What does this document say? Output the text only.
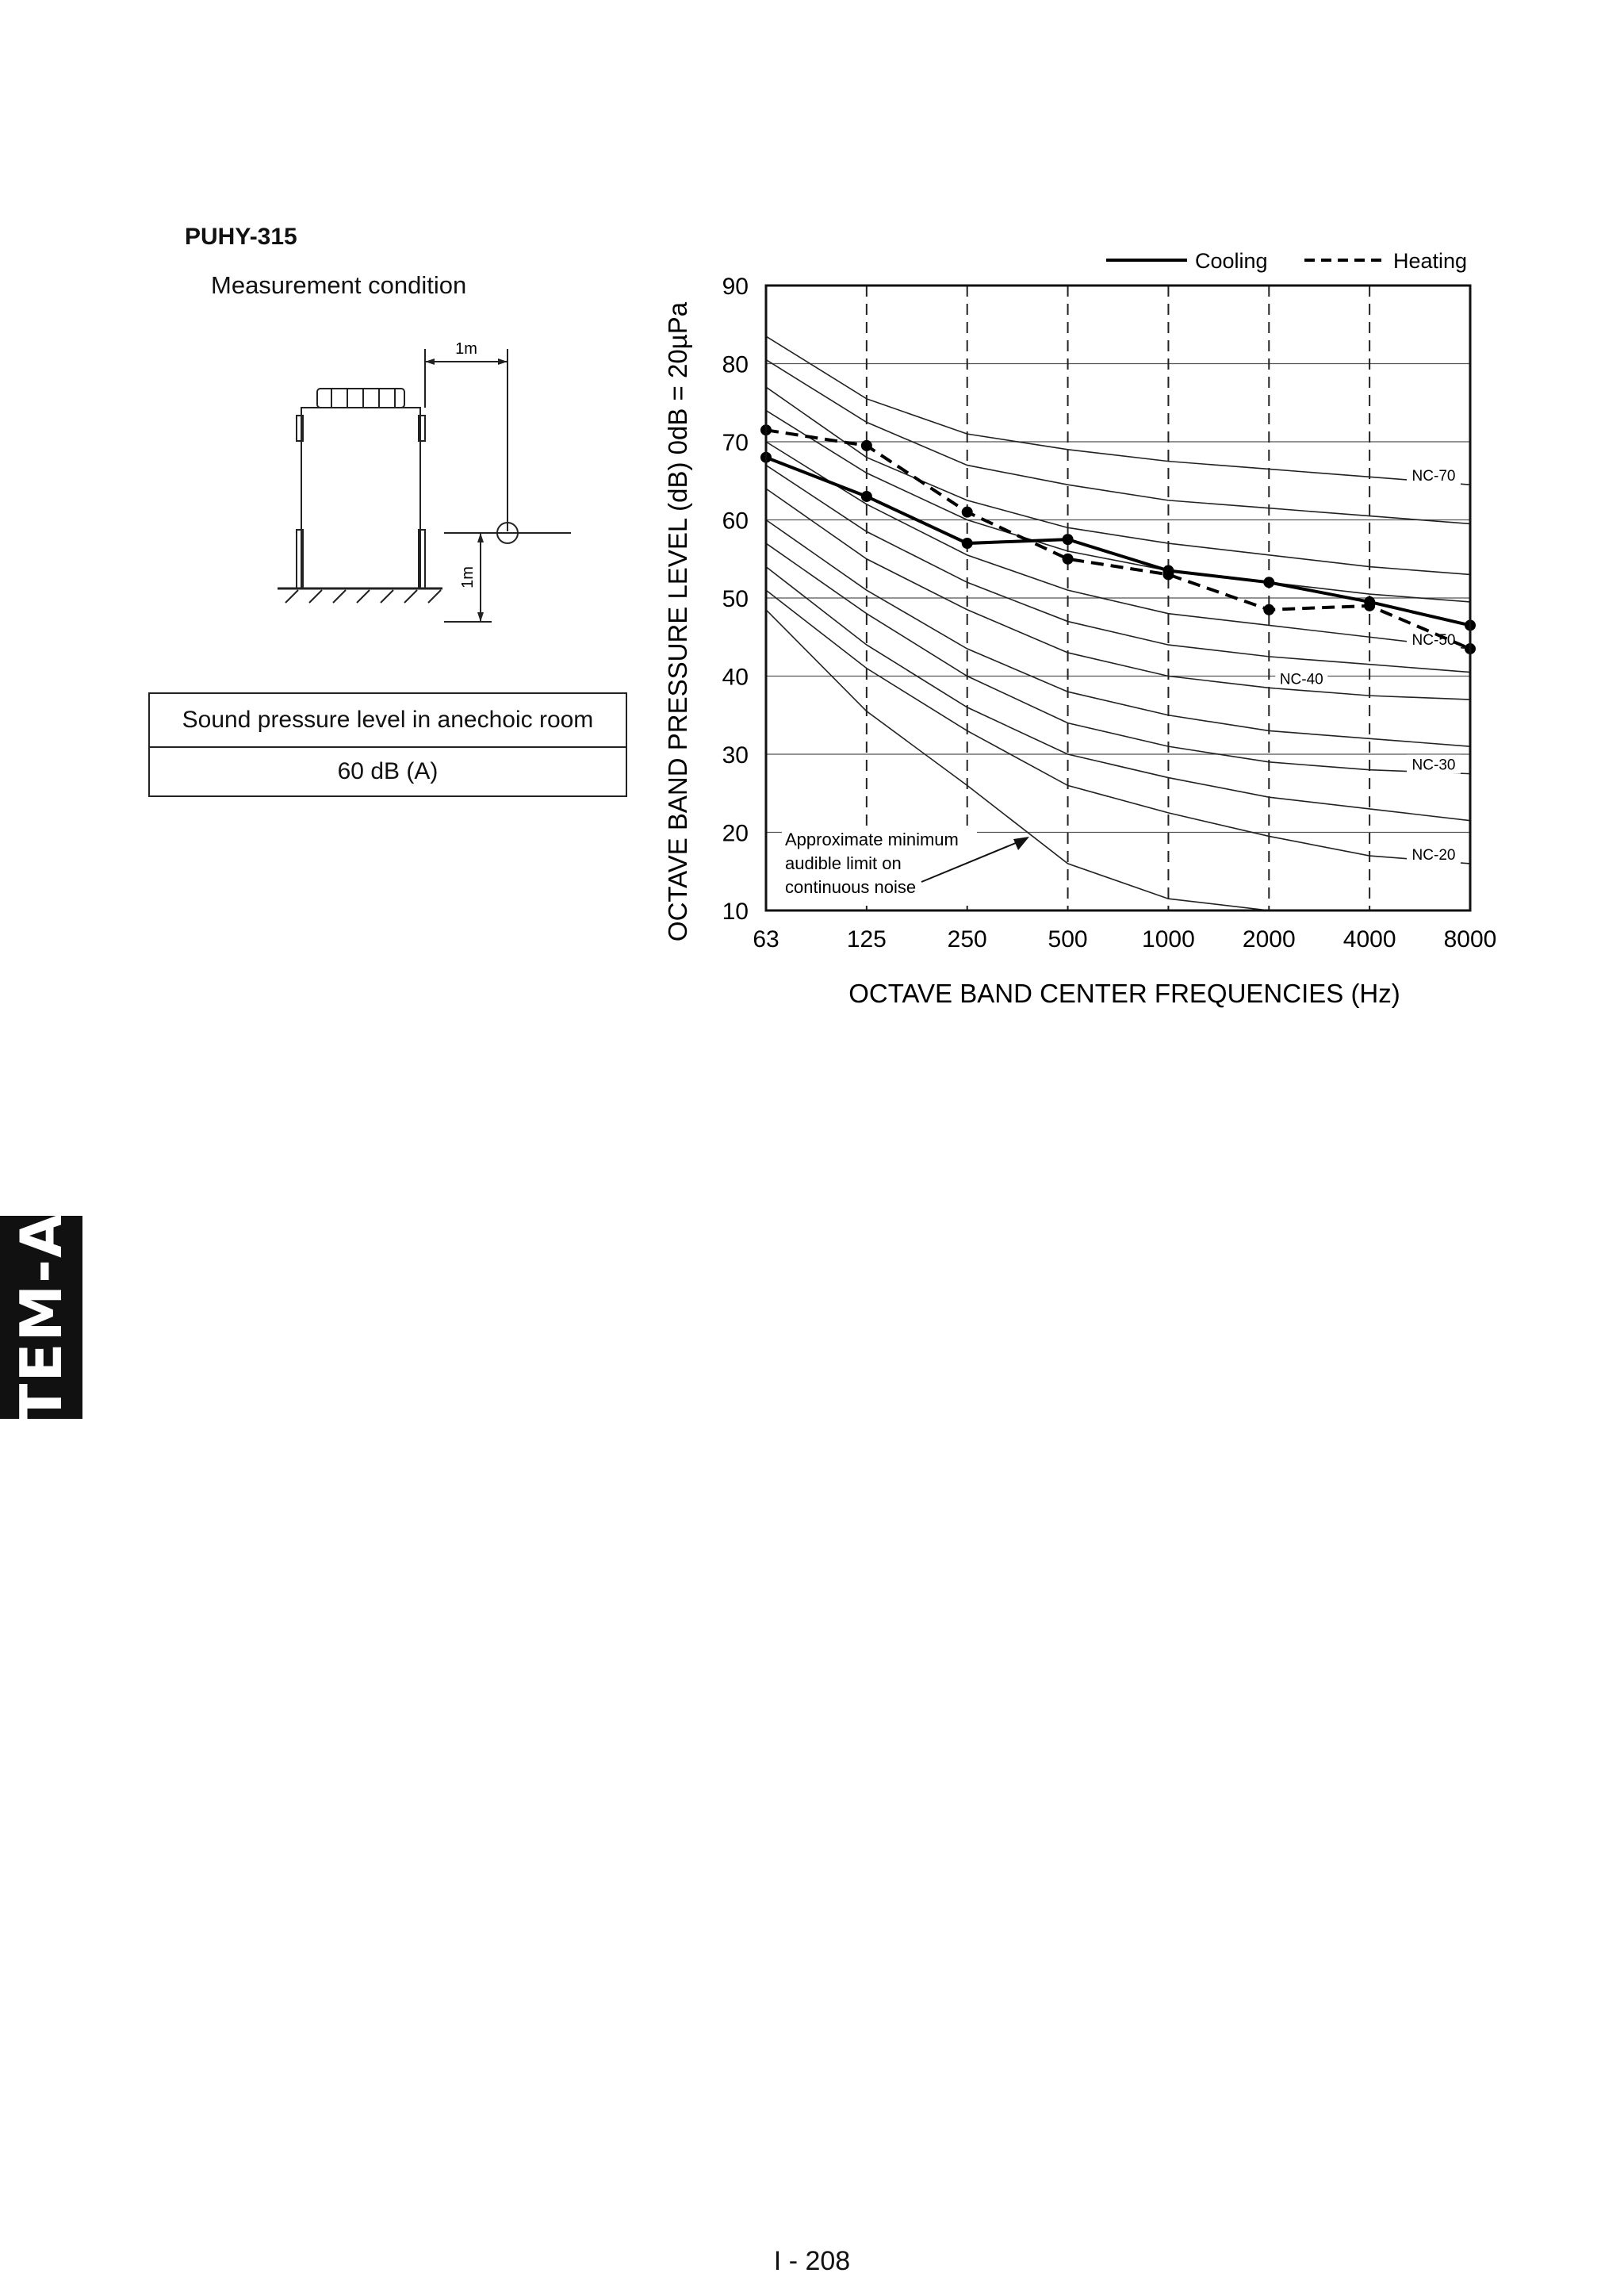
PUHY-315
Measurement condition
1m
1m
Sound pressure level in anechoic room
60 dB (A)
NC-70
NC-50
NC-40
NC-30
NC-20
10
20
30
40
50
60
70
80
90
63	125	250	500 1000 2000 4000 8000
Approximate minimum audible limit on continuous noise
Cooling	Heating
OCTAVE BAND CENTER FREQUENCIES (Hz)
OCTAVE BAND PRESSURE LEVEL (dB) 0dB = 20µPa
TEM-A
I - 208
